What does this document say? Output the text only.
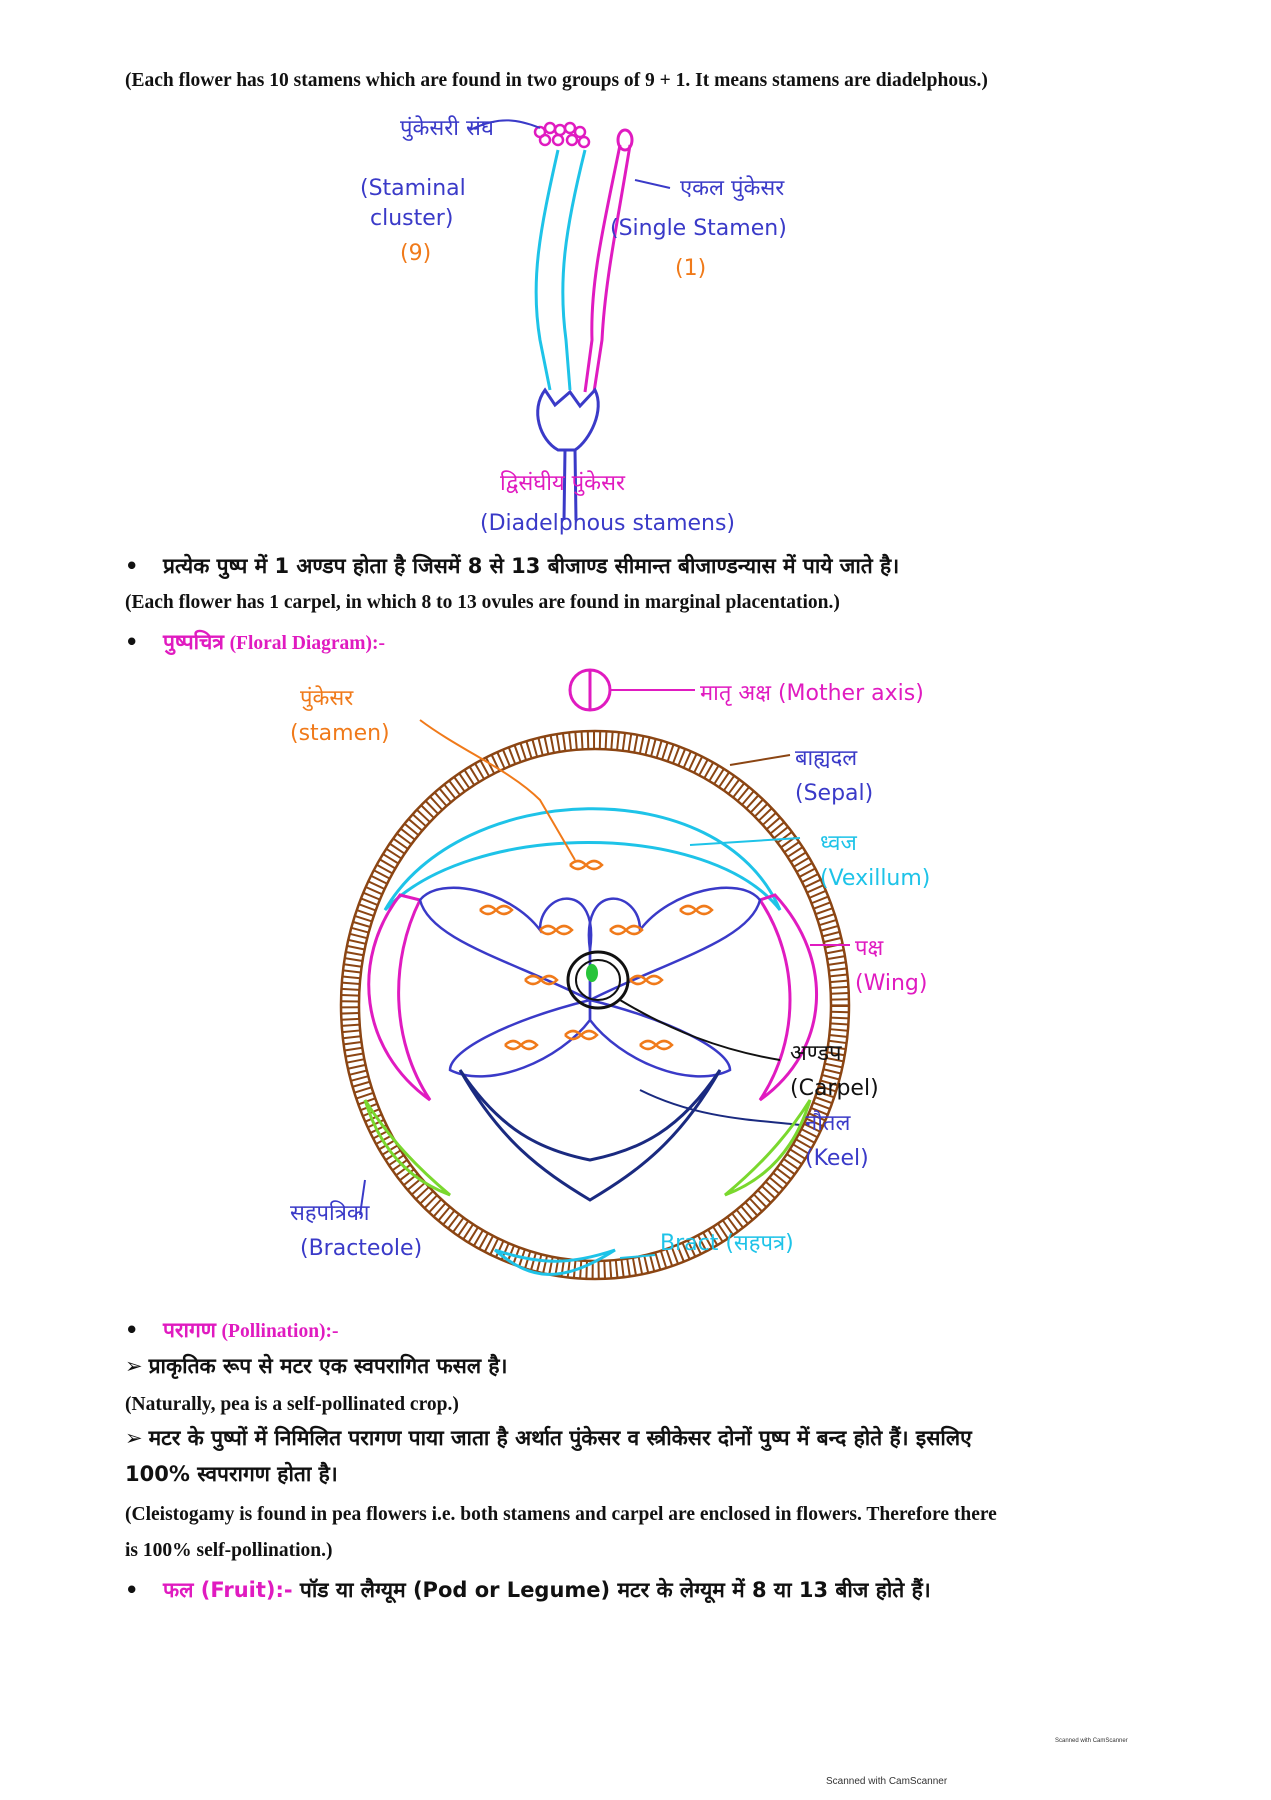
(Each flower has 10 stamens which are found in two groups of 9 + 1. It means stamens are diadelphous.)
पुंकेसरी संघ
(Staminal
cluster)
(9)
एकल पुंकेसर
(Single Stamen)
(1)
द्विसंघीय पुंकेसर
(Diadelphous stamens)
• प्रत्येक पुष्प में 1 अण्डप होता है जिसमें 8 से 13 बीजाण्ड सीमान्त बीजाण्डन्यास में पाये जाते है।
(Each flower has 1 carpel, in which 8 to 13 ovules are found in marginal placentation.)
• पुष्पचित्र (Floral Diagram):-
मातृ अक्ष (Mother axis)
बाह्यदल
(Sepal)
ध्वज
(Vexillum)
पक्ष
(Wing)
नौतल
(Keel)
पुंकेसर
(stamen)
अण्डप
(Carpel)
सहपत्रिका
(Bracteole)	Bract (सहपत्र)
• परागण (Pollination):-
➢ प्राकृतिक रूप से मटर एक स्वपरागित फसल है।
(Naturally, pea is a self-pollinated crop.)
➢ मटर के पुष्पों में निमिलित परागण पाया जाता है अर्थात पुंकेसर व स्त्रीकेसर दोनों पुष्प में बन्द होते हैं। इसलिए
100% स्वपरागण होता है।
(Cleistogamy is found in pea flowers i.e. both stamens and carpel are enclosed in flowers. Therefore there
is 100% self-pollination.)
• फल (Fruit):- पॉड या लैग्यूम (Pod or Legume) मटर के लेग्यूम में 8 या 13 बीज होते हैं।
Scanned with CamScanner
Scanned with CamScanner
